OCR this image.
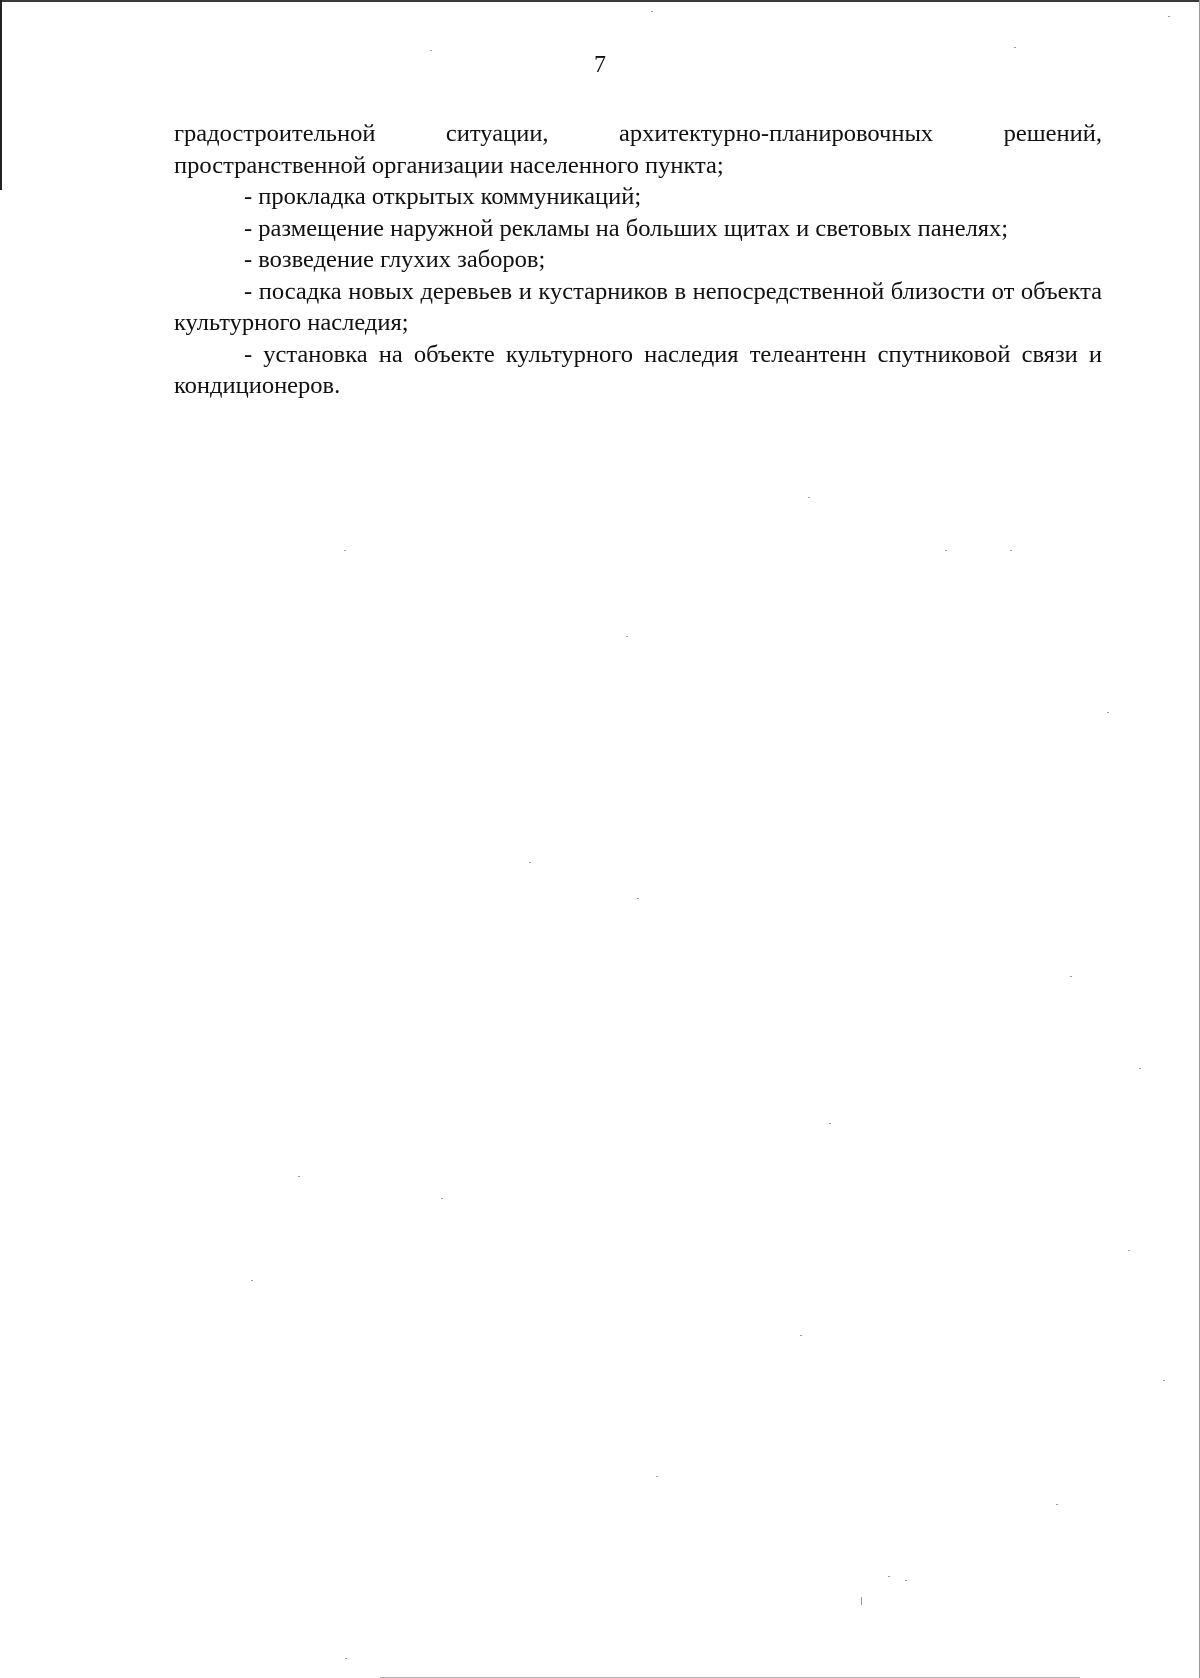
7

градостроительной ситуации, архитектурно-планировочных решений,
пространственной организации населенного пункта;

- прокладка открытых коммуникаций;

- размещение наружной рекламы на больших щитах и световых панелях;

- возведение глухих заборов;

- посадка новых деревьев и кустарников в непосредственной близости от объекта культурного наследия;

- установка на объекте культурного наследия телеантенн спутниковой связи и кондиционеров.
